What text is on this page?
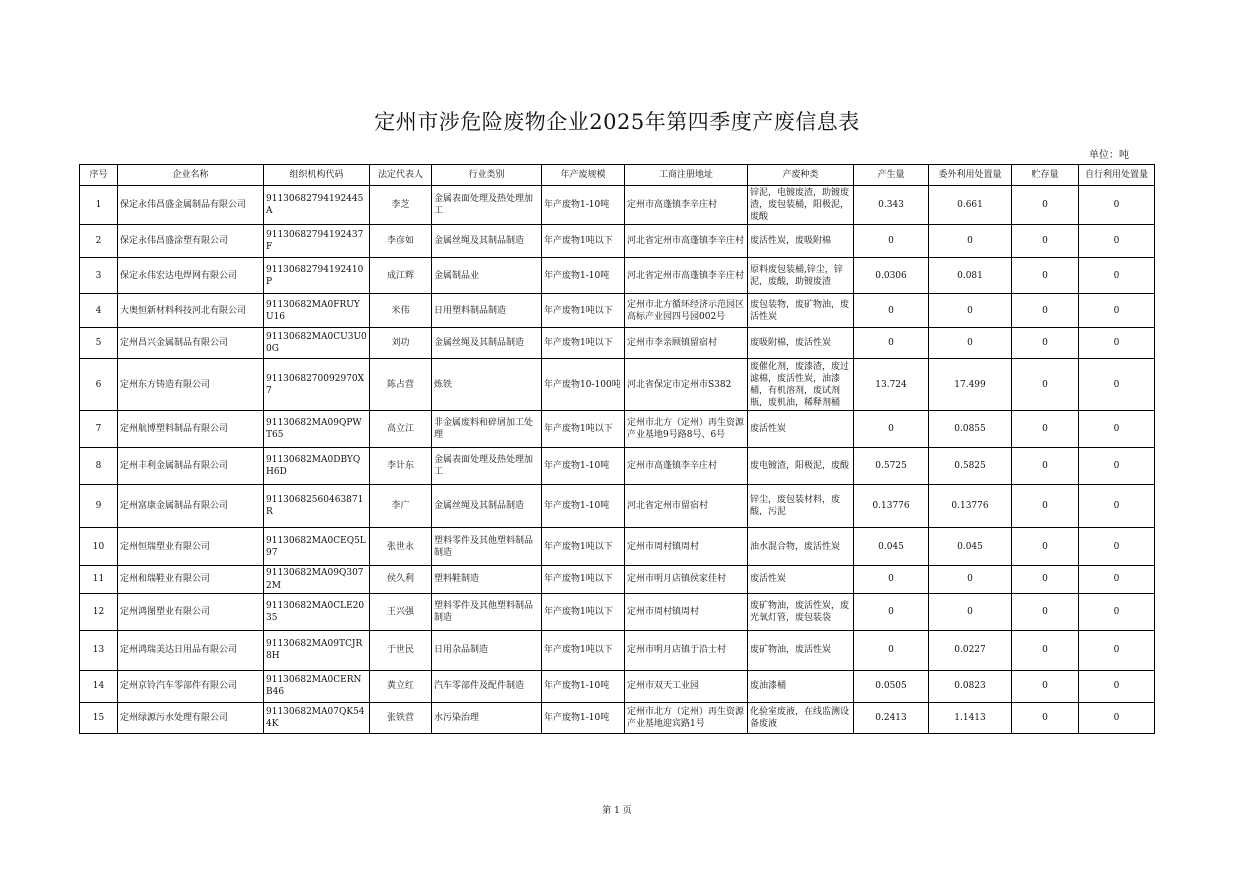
定州市涉危险废物企业2025年第四季度产废信息表
单位：吨
序号	企业名称	组织机构代码	法定代表人	行业类别	年产废规模	工商注册地址	产废种类	产生量	委外利用处置量	贮存量	自行利用处置量
1	保定永伟昌盛金属制品有限公司	91130682794192445A	李芝	金属表面处理及热处理加工	年产废物1-10吨	定州市高蓬镇李辛庄村	锌泥，电镀废渣，助镀废渣，废包装桶，阳极泥，废酸	0.343	0.661	0	0
2	保定永伟昌盛涂塑有限公司	91130682794192437F	李彦如	金属丝绳及其制品制造	年产废物1吨以下	河北省定州市高蓬镇李辛庄村	废活性炭，废吸附棉	0	0	0	0
3	保定永伟宏达电焊网有限公司	91130682794192410P	成江辉	金属制品业	年产废物1-10吨	河北省定州市高蓬镇李辛庄村	原料废包装桶,锌尘，锌泥，废酸，助镀废渣	0.0306	0.081	0	0
4	大奥恒新材料科技河北有限公司	91130682MA0FRUYU16	米伟	日用塑料制品制造	年产废物1吨以下	定州市北方循环经济示范园区高标产业园四号园002号	废包装物，废矿物油，废活性炭	0	0	0	0
5	定州昌兴金属制品有限公司	91130682MA0CU3U00G	刘功	金属丝绳及其制品制造	年产废物1吨以下	定州市李亲顾镇留宿村	废吸附棉，废活性炭	0	0	0	0
6	定州东方铸造有限公司	911306827009​2970X7	陈占营	炼铁	年产废物10-100吨	河北省保定市定州市S382	废催化剂，废漆渣，废过滤棉，废活性炭，油漆桶，有机溶剂，废试剂瓶，废机油，稀释剂桶	13.724	17.499	0	0
7	定州航博塑料制品有限公司	91130682MA09QPWT65	高立江	非金属废料和碎屑加工处理	年产废物1吨以下	定州市北方（定州）再生资源产业基地9号路8号、6号	废活性炭	0	0.0855	0	0
8	定州丰利金属制品有限公司	91130682MA0DBYQH6D	李计东	金属表面处理及热处理加工	年产废物1-10吨	定州市高蓬镇李辛庄村	废电镀渣，阳极泥，废酸	0.5725	0.5825	0	0
9	定州富康金属制品有限公司	91130682560463871R	李广	金属丝绳及其制品制造	年产废物1-10吨	河北省定州市留宿村	锌尘，废包装材料，废酸，污泥	0.13776	0.13776	0	0
10	定州恒瑞塑业有限公司	91130682MA0CEQ5L97	张世永	塑料零件及其他塑料制品制造	年产废物1吨以下	定州市周村镇周村	油水混合物，废活性炭	0.045	0.045	0	0
11	定州和瑞鞋业有限公司	91130682MA09Q3072M	侯久利	塑料鞋制造	年产废物1吨以下	定州市明月店镇侯家佳村	废活性炭	0	0	0	0
12	定州鸿图塑业有限公司	91130682MA0CLE2035	王兴强	塑料零件及其他塑料制品制造	年产废物1吨以下	定州市周村镇周村	废矿物油，废活性炭，废光氧灯管，废包装袋	0	0	0	0
13	定州鸿瑞美达日用品有限公司	91130682MA09TCJR8H	于世民	日用杂品制造	年产废物1吨以下	定州市明月店镇于沿士村	废矿物油，废活性炭	0	0.0227	0	0
14	定州京铃汽车零部件有限公司	91130682MA0CERNB46	黄立红	汽车零部件及配件制造	年产废物1-10吨	定州市双天工业园	废油漆桶	0.0505	0.0823	0	0
15	定州绿源污水处理有限公司	91130682MA07QK544K	张铁营	水污染治理	年产废物1-10吨	定州市北方（定州）再生资源产业基地迎宾路1号	化验室废液，在线监测设备废液	0.2413	1.1413	0	0
第 1 页
